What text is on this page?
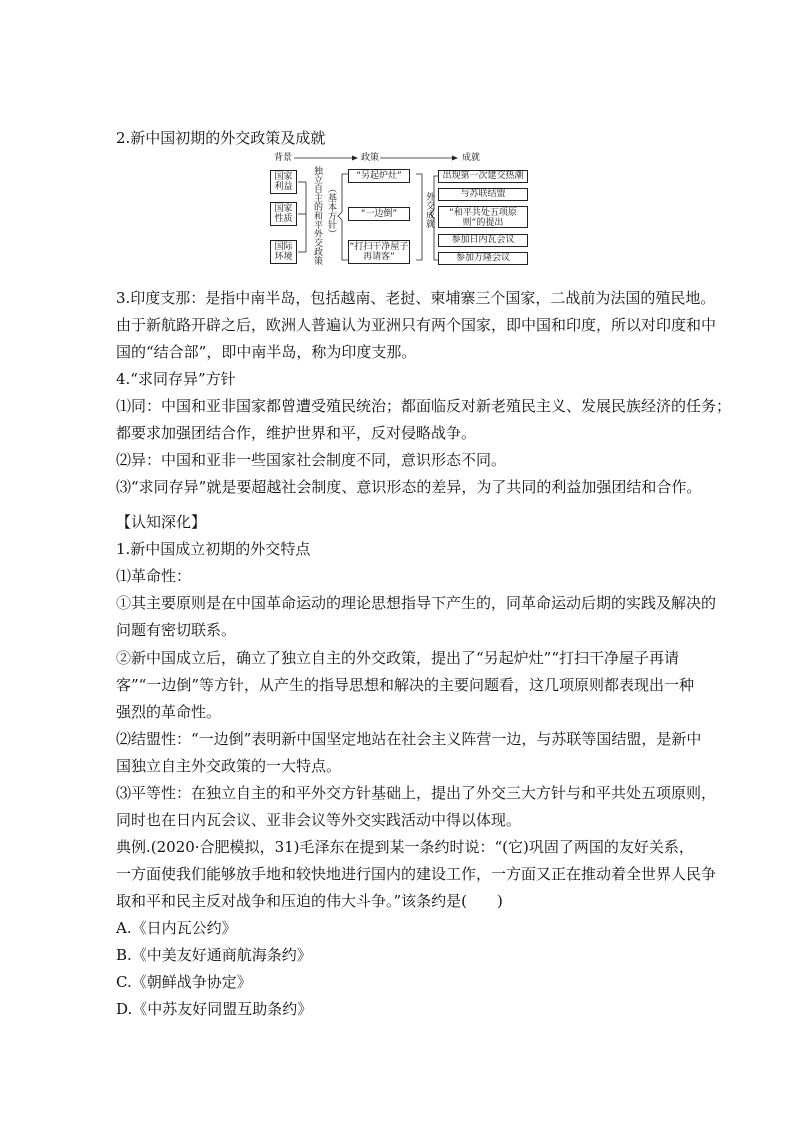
2.新中国初期的外交政策及成就
背景	政策	成就
国家利益
国家性质
国际环境	独立自主的和平外交政策 （基本方针）
“另起炉灶”
“一边倒”
“打扫干净屋子再请客”
外交成就
出现第一次建交热潮
与苏联结盟
“和平共处五项原则”的提出
参加日内瓦会议
参加万隆会议
3.印度支那：是指中南半岛，包括越南、老挝、柬埔寨三个国家，二战前为法国的殖民地。
由于新航路开辟之后，欧洲人普遍认为亚洲只有两个国家，即中国和印度，所以对印度和中
国的“结合部”，即中南半岛，称为印度支那。
4.“求同存异”方针
⑴同：中国和亚非国家都曾遭受殖民统治；都面临反对新老殖民主义、发展民族经济的任务；
都要求加强团结合作，维护世界和平，反对侵略战争。
⑵异：中国和亚非一些国家社会制度不同，意识形态不同。
⑶“求同存异”就是要超越社会制度、意识形态的差异，为了共同的利益加强团结和合作。
【认知深化】
1.新中国成立初期的外交特点
⑴革命性：
①其主要原则是在中国革命运动的理论思想指导下产生的，同革命运动后期的实践及解决的
问题有密切联系。
②新中国成立后，确立了独立自主的外交政策，提出了“另起炉灶”“打扫干净屋子再请
客”“一边倒”等方针，从产生的指导思想和解决的主要问题看，这几项原则都表现出一种
强烈的革命性。
⑵结盟性：“一边倒”表明新中国坚定地站在社会主义阵营一边，与苏联等国结盟，是新中
国独立自主外交政策的一大特点。
⑶平等性：在独立自主的和平外交方针基础上，提出了外交三大方针与和平共处五项原则，
同时也在日内瓦会议、亚非会议等外交实践活动中得以体现。
典例.(2020·合肥模拟，31)毛泽东在提到某一条约时说：“(它)巩固了两国的友好关系，
一方面使我们能够放手地和较快地进行国内的建设工作，一方面又正在推动着全世界人民争
取和平和民主反对战争和压迫的伟大斗争。”该条约是(　　)
A.《日内瓦公约》
B.《中美友好通商航海条约》
C.《朝鲜战争协定》
D.《中苏友好同盟互助条约》
